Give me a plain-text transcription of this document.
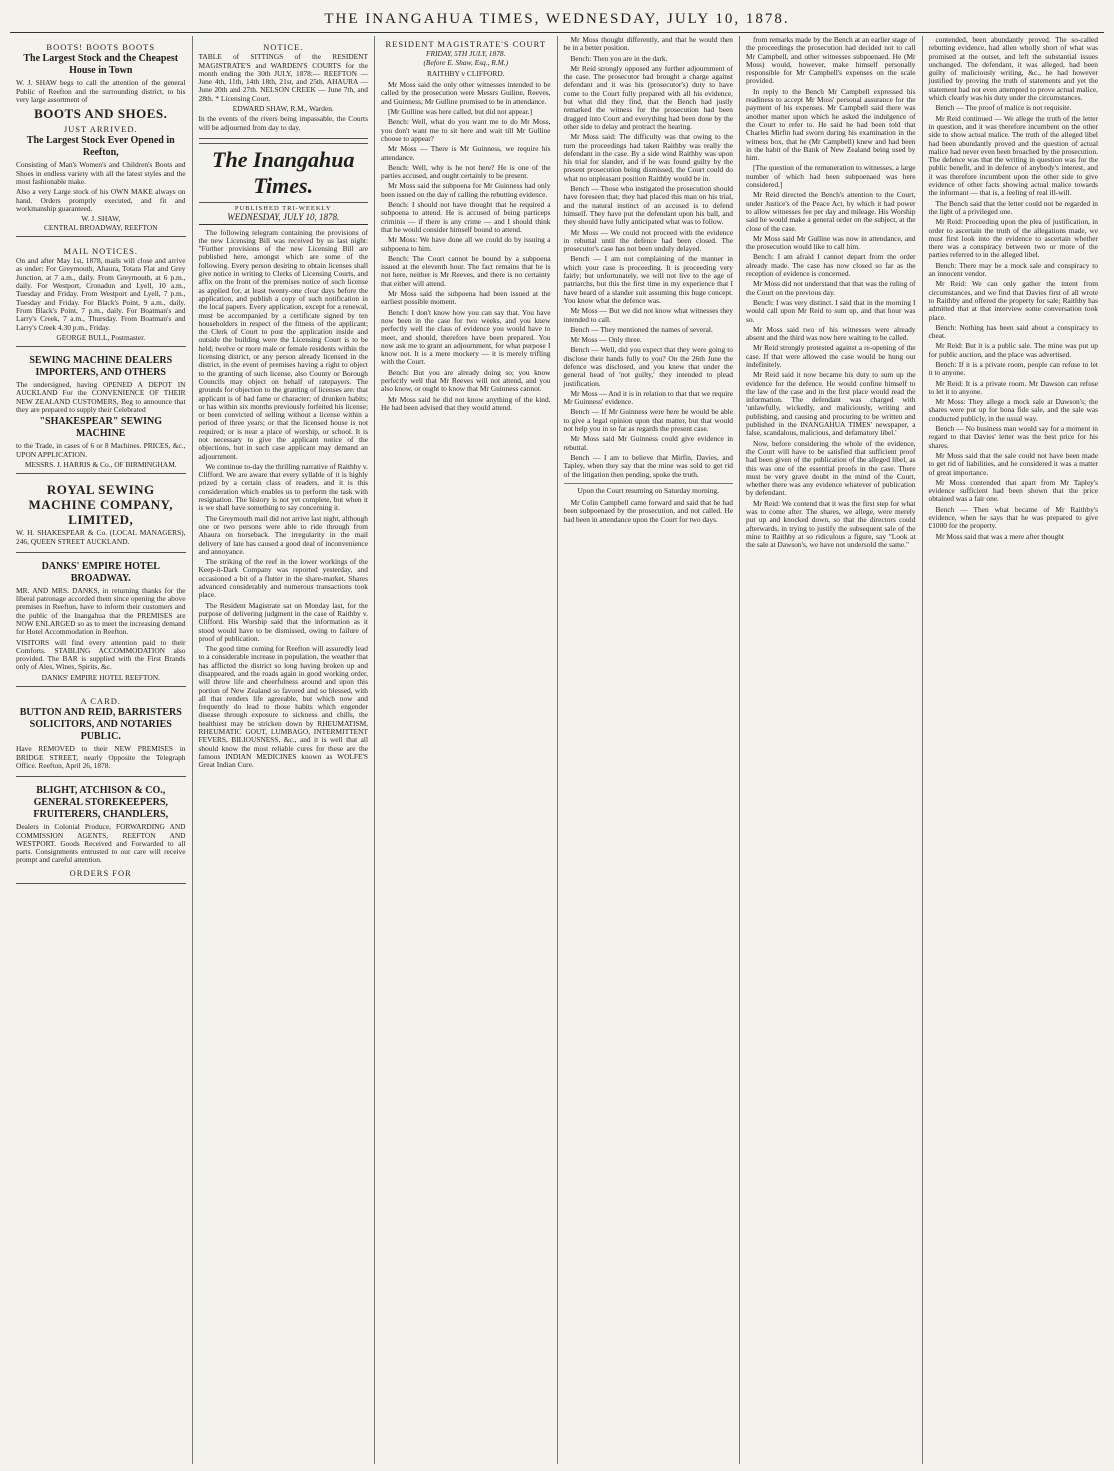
THE INANGAHUA TIMES, WEDNESDAY, JULY 10, 1878.
BOOTS! BOOTS BOOTS
The Largest Stock and the Cheapest House in Town
W. J. SHAW begs to call the attention of the general Public of Reefton and the surrounding district, to his very large assortment of
BOOTS AND SHOES.
JUST ARRIVED.
The Largest Stock Ever Opened in Reefton,
Consisting of Man's Women's and Children's Boots and Shoes in endless variety with all the latest styles and the most fashionable make.
Also a very Large stock of his OWN MAKE always on hand. Orders promptly executed, and fit and workmanship guaranteed.
W. J. SHAW,
CENTRAL BROADWAY, REEFTON
MAIL NOTICES.
On and after May 1st, 1878, mails will close and arrive as under: For Greymouth, Ahaura, Totara Flat and Grey Junction, at 7 a.m., daily. From Greymouth, at 6 p.m., daily. For Westport, Cronadun and Lyell, 10 a.m., Tuesday and Friday. From Westport and Lyell, 7 p.m., Tuesday and Friday. For Black's Point, 9 a.m., daily. From Black's Point, 7 p.m., daily. For Boatman's and Larry's Creek, 7 a.m., Thursday. From Boatman's and Larry's Creek 4.30 p.m., Friday.
GEORGE BULL, Postmaster.
SEWING MACHINE DEALERS IMPORTERS, AND OTHERS
The undersigned, having OPENED A DEPOT IN AUCKLAND For the CONVENIENCE OF THEIR NEW ZEALAND CUSTOMERS, Beg to announce that they are prepared to supply their Celebrated
"SHAKESPEAR" SEWING MACHINE
to the Trade, in cases of 6 or 8 Machines. PRICES, &c., UPON APPLICATION.
MESSRS. J. HARRIS & Co., OF BIRMINGHAM.
ROYAL SEWING MACHINE COMPANY, LIMITED,
W. H. SHAKESPEAR & Co. (LOCAL MANAGERS), 246, QUEEN STREET AUCKLAND.
DANKS' EMPIRE HOTEL BROADWAY.
MR. AND MRS. DANKS, in returning thanks for the liberal patronage accorded them since opening the above premises in Reefton, have to inform their customers and the public of the Inangahua that the PREMISES are NOW ENLARGED so as to meet the increasing demand for Hotel Accommodation in Reefton.
VISITORS will find every attention paid to their Comforts. STABLING ACCOMMODATION also provided. The BAR is supplied with the First Brands only of Ales, Wines, Spirits, &c.
DANKS' EMPIRE HOTEL REEFTON.
A CARD.
BUTTON AND REID, BARRISTERS SOLICITORS, AND NOTARIES PUBLIC.
Have REMOVED to their NEW PREMISES in BRIDGE STREET, nearly Opposite the Telegraph Office. Reefton, April 26, 1878.
BLIGHT, ATCHISON & CO., GENERAL STOREKEEPERS, FRUITERERS, CHANDLERS,
Dealers in Colonial Produce, FORWARDING AND COMMISSION AGENTS, REEFTON AND WESTPORT. Goods Received and Forwarded to all parts. Consignments entrusted to our care will receive prompt and careful attention.
ORDERS FOR
NOTICE.
TABLE of SITTINGS of the RESIDENT MAGISTRATE'S and WARDEN'S COURTS for the month ending the 30th JULY, 1878:— REEFTON — June 4th, 11th, 14th 18th, 21st, and 25th. AHAURA — June 20th and 27th. NELSON CREEK — June 7th, and 28th. * Licensing Court.
EDWARD SHAW, R.M., Warden.
In the events of the rivers being impassable, the Courts will be adjourned from day to day.
The Inangahua Times.
PUBLISHED TRI-WEEKLY
WEDNESDAY, JULY 10, 1878.

The following telegram containing the provisions of the new Licensing Bill was received by us last night: "Further provisions of the new Licensing Bill are published here, amongst which are some of the following. Every person desiring to obtain licenses shall give notice in writing to Clerks of Licensing Courts, and affix on the front of the premises notice of such license as applied for, at least twenty-one clear days before the application, and publish a copy of such notification in the local papers. Every application, except for a renewal, must be accompanied by a certificate signed by ten householders in respect of the fitness of the applicant; the Clerk of Court to post the application inside and outside the building were the Licensing Court is to be held; twelve or more male or female residents within the licensing district, or any person already licensed in the district, in the event of premises having a right to object to the granting of such license, also County or Borough Councils may object on behalf of ratepayers. The grounds for objection to the granting of licenses are: that applicant is of bad fame or character; of drunken habits; or has within six months previously forfeited his license; or been convicted of selling without a license within a period of three years; or that the licensed house is not required; or is near a place of worship, or school. It is not necessary to give the applicant notice of the objections, but in such case applicant may demand an adjournment.

We continue to-day the thrilling narrative of Raithby v. Clifford. We are aware that every syllable of it is highly prized by a certain class of readers, and it is this consideration which enables us to perform the task with resignation. The history is not yet complete, but when it is we shall have something to say concerning it.

The Greymouth mail did not arrive last night, although one or two persons were able to ride through from Ahaura on horseback. The irregularity in the mail delivery of late has caused a good deal of inconvenience and annoyance.

The striking of the reef in the lower workings of the Keep-it-Dark Company was reported yesterday, and occasioned a bit of a flutter in the share-market. Shares advanced considerably and numerous transactions took place.

The Resident Magistrate sat on Monday last, for the purpose of delivering judgment in the case of Raithby v. Clifford. His Worship said that the information as it stood would have to be dismissed, owing to failure of proof of publication.

The good time coming for Reefton will assuredly lead to a considerable increase in population, the weather that has afflicted the district so long having broken up and disappeared, and the roads again in good working order, will throw life and cheerfulness around and upon this portion of New Zealand so favored and so blessed, with all that renders life agreeable, but which now and frequently do lead to those habits which engender disease through exposure to sickness and chills, the healthiest may be stricken down by RHEUMATISM, RHEUMATIC GOUT, LUMBAGO, INTERMITTENT FEVERS, BILIOUSNESS, &c., and it is well that all should know the most reliable cures for these are the famous INDIAN MEDICINES known as WOLFE'S Great Indian Cure.

RESIDENT MAGISTRATE'S COURT
FRIDAY, 5TH JULY, 1878.
(Before E. Shaw, Esq., R.M.)
RAITHBY v CLIFFORD.

Mr Moss said the only other witnesses intended to be called by the prosecution were Messrs Guiline, Reeves, and Guinness, Mr Gulline promised to be in attendance.

[Mr Gulline was here called, but did not appear.]

Bench: Well, what do you want me to do Mr Moss, you don't want me to sit here and wait till Mr Gulline choose to appear?

Mr Moss — There is Mr Guinness, we require his attendance.

Bench: Well, why is he not here? He is one of the parties accused, and ought certainly to be present.

Mr Moss said the subpoena for Mr Guinness had only been issued on the day of calling the rebutting evidence.

Bench: I should not have thought that he required a subpoena to attend. He is accused of being particeps criminis — if there is any crime — and I should think that he would consider himself bound to attend.

Mr Moss: We have done all we could do by issuing a subpoena to him.

Bench: The Court cannot be bound by a subpoena issued at the eleventh hour. The fact remains that he is not here, neither is Mr Reeves, and there is no certainty that either will attend.

Mr Moss said the subpoena had been issued at the earliest possible moment.

Bench: I don't know how you can say that. You have now been in the case for two weeks, and you knew perfectly well the class of evidence you would have to meet, and should, therefore have been prepared. You now ask me to grant an adjournment, for what purpose I know not. It is a mere mockery — it is merely trifling with the Court.

Bench: But you are already doing so; you know perfectly well that Mr Reeves will not attend, and you also know, or ought to know that Mr Guinness cannot.

Mr Moss said he did not know anything of the kind. He had been advised that they would attend.

Mr Moss thought differently, and that he would then be in a better position.

Bench: Then you are in the dark.

Mr Reid strongly opposed any further adjournment of the case. The prosecutor had brought a charge against defendant and it was his (prosecutor's) duty to have come to the Court fully prepared with all his evidence, but what did they find, that the Bench had justly remarked the witness for the prosecution had been dragged into Court and everything had been done by the other side to delay and protract the hearing.

Mr Moss said: The difficulty was that owing to the turn the proceedings had taken Raithby was really the defendant in the case. By a side wind Raithby was upon his trial for slander, and if he was found guilty by the present prosecution being dismissed, the Court could do what no unpleasant position Raithby would be in.

Bench — Those who instigated the prosecution should have foreseen that; they had placed this man on his trial, and the natural instinct of an accused is to defend himself. They have put the defendant upon his ball, and they should have fully anticipated what was to follow.

Mr Moss — We could not proceed with the evidence in rebuttal until the defence had been closed. The prosecutor's case has not been unduly delayed.

Bench — I am not complaining of the manner in which your case is proceeding. It is proceeding very fairly; but unfortunately, we will not live to the age of patriarchs, but this the first time in my experience that I have heard of a slander suit assuming this huge concept. You know what the defence was.

Mr Moss — But we did not know what witnesses they intended to call.

Bench — They mentioned the names of several.

Mr Moss — Only three.

Bench — Well, did you expect that they were going to disclose their hands fully to you? On the 26th June the defence was disclosed, and you knew that under the general head of 'not guilty,' they intended to plead justification.

Mr Moss — And it is in relation to that that we require Mr Guinness' evidence.

Bench — If Mr Guinness were here he would be able to give a legal opinion upon that matter, but that would not help you in so far as regards the present case.

Mr Moss said Mr Guinness could give evidence in rebuttal.

Bench — I am to believe that Mirfin, Davies, and Tapley, when they say that the mine was sold to get rid of the litigation then pending, spoke the truth.

Upon the Court resuming on Saturday morning,

Mr Colin Campbell came forward and said that he had been subpoenaed by the prosecution, and not called. He had been in attendance upon the Court for two days.

from remarks made by the Bench at an earlier stage of the proceedings the prosecution had decided not to call Mr Campbell, and other witnesses subpoenaed. He (Mr Moss) would, however, make himself personally responsible for Mr Campbell's expenses on the scale provided.

In reply to the Bench Mr Campbell expressed his readiness to accept Mr Moss' personal assurance for the payment of his expenses. Mr Campbell said there was another matter upon which he asked the indulgence of the Court to refer to. He said he had been told that Charles Mirfin had sworn during his examination in the witness box, that he (Mr Campbell) knew and had been in the habit of the Bank of New Zealand being used by him.

[The question of the remuneration to witnesses, a large number of which had been subpoenaed was here considered.]

Mr Reid directed the Bench's attention to the Court, under Justice's of the Peace Act, by which it had power to allow witnesses fee per day and mileage. His Worship said he would make a general order on the subject, at the close of the case.

Mr Moss said Mr Gulline was now in attendance, and the prosecution would like to call him.

Bench: I am afraid I cannot depart from the order already made. The case has now closed so far as the reception of evidence is concerned.

Mr Moss did not understand that that was the ruling of the Court on the previous day.

Bench: I was very distinct. I said that in the morning I would call upon Mr Reid to sum up, and that hour was so.

Mr Moss said two of his witnesses were already absent and the third was now here waiting to be called.

Mr Reid strongly protested against a re-opening of the case. If that were allowed the case would be hung out indefinitely.

Mr Reid said it now became his duty to sum up the evidence for the defence. He would confine himself to the law of the case and in the first place would read the information. The defendant was charged with 'unlawfully, wickedly, and maliciously, writing and publishing, and causing and procuring to be written and published in the INANGAHUA TIMES' newspaper, a false, scandalous, malicious, and defamatory libel.'

Now, before considering the whole of the evidence, the Court will have to be satisfied that sufficient proof had been given of the publication of the alleged libel, as this was one of the essential proofs in the case. There must be very grave doubt in the mind of the Court, whether there was any evidence whatever of publication by defendant.

Mr Reid: We contend that it was the first step for what was to come after. The shares, we allege, were merely put up and knocked down, so that the directors could afterwards, in trying to justify the subsequent sale of the mine to Raithby at so ridiculous a figure, say "Look at the sale at Dawson's, we have not undersold the same."

contended, been abundantly proved. The so-called rebutting evidence, had allen wholly short of what was promised at the outset, and left the substantial issues unchanged. The defendant, it was alleged, had been guilty of maliciously writing, &c., he had however justified by proving the truth of statements and yet the statement had not even attempted to prove actual malice, which clearly was his duty under the circumstances.

Bench — The proof of malice is not requisite.

Mr Reid continued — We allege the truth of the letter in question, and it was therefore incumbent on the other side to show actual malice. The truth of the alleged libel had been abundantly proved and the question of actual malice had never even been broached by the prosecution. The defence was that the writing in question was for the public benefit, and in defence of anybody's interest, and it was therefore incumbent upon the other side to give evidence of other facts showing actual malice towards the informant — that is, a feeling of real ill-will.

The Bench said that the letter could not be regarded in the light of a privileged one.

Mr Reid: Proceeding upon the plea of justification, in order to ascertain the truth of the allegations made, we must first look into the evidence to ascertain whether there was a conspiracy between two or more of the parties referred to in the alleged libel.

Bench: There may be a mock sale and conspiracy to an innocent vendor.

Mr Reid: We can only gather the intent from circumstances, and we find that Davies first of all wrote to Raithby and offered the property for sale; Raithby has admitted that at that interview some conversation took place.

Bench: Nothing has been said about a conspiracy to cheat.

Mr Reid: But it is a public sale. The mine was put up for public auction, and the place was advertised.

Bench: If it is a private room, people can refuse to let it to anyone.

Mr Reid: It is a private room. Mr Dawson can refuse to let it to anyone.

Mr Moss: They allege a mock sale at Dawson's; the shares were put up for bona fide sale, and the sale was conducted publicly, in the usual way.

Bench — No business man would say for a moment in regard to that Davies' letter was the best price for his shares.

Mr Moss said that the sale could not have been made to get rid of liabilities, and he considered it was a matter of great importance.

Mr Moss contended that apart from Mr Tapley's evidence sufficient had been shown that the price obtained was a fair one.

Bench — Then what became of Mr Raithby's evidence, when he says that he was prepared to give £1000 for the property.

Mr Moss said that was a mere after thought
